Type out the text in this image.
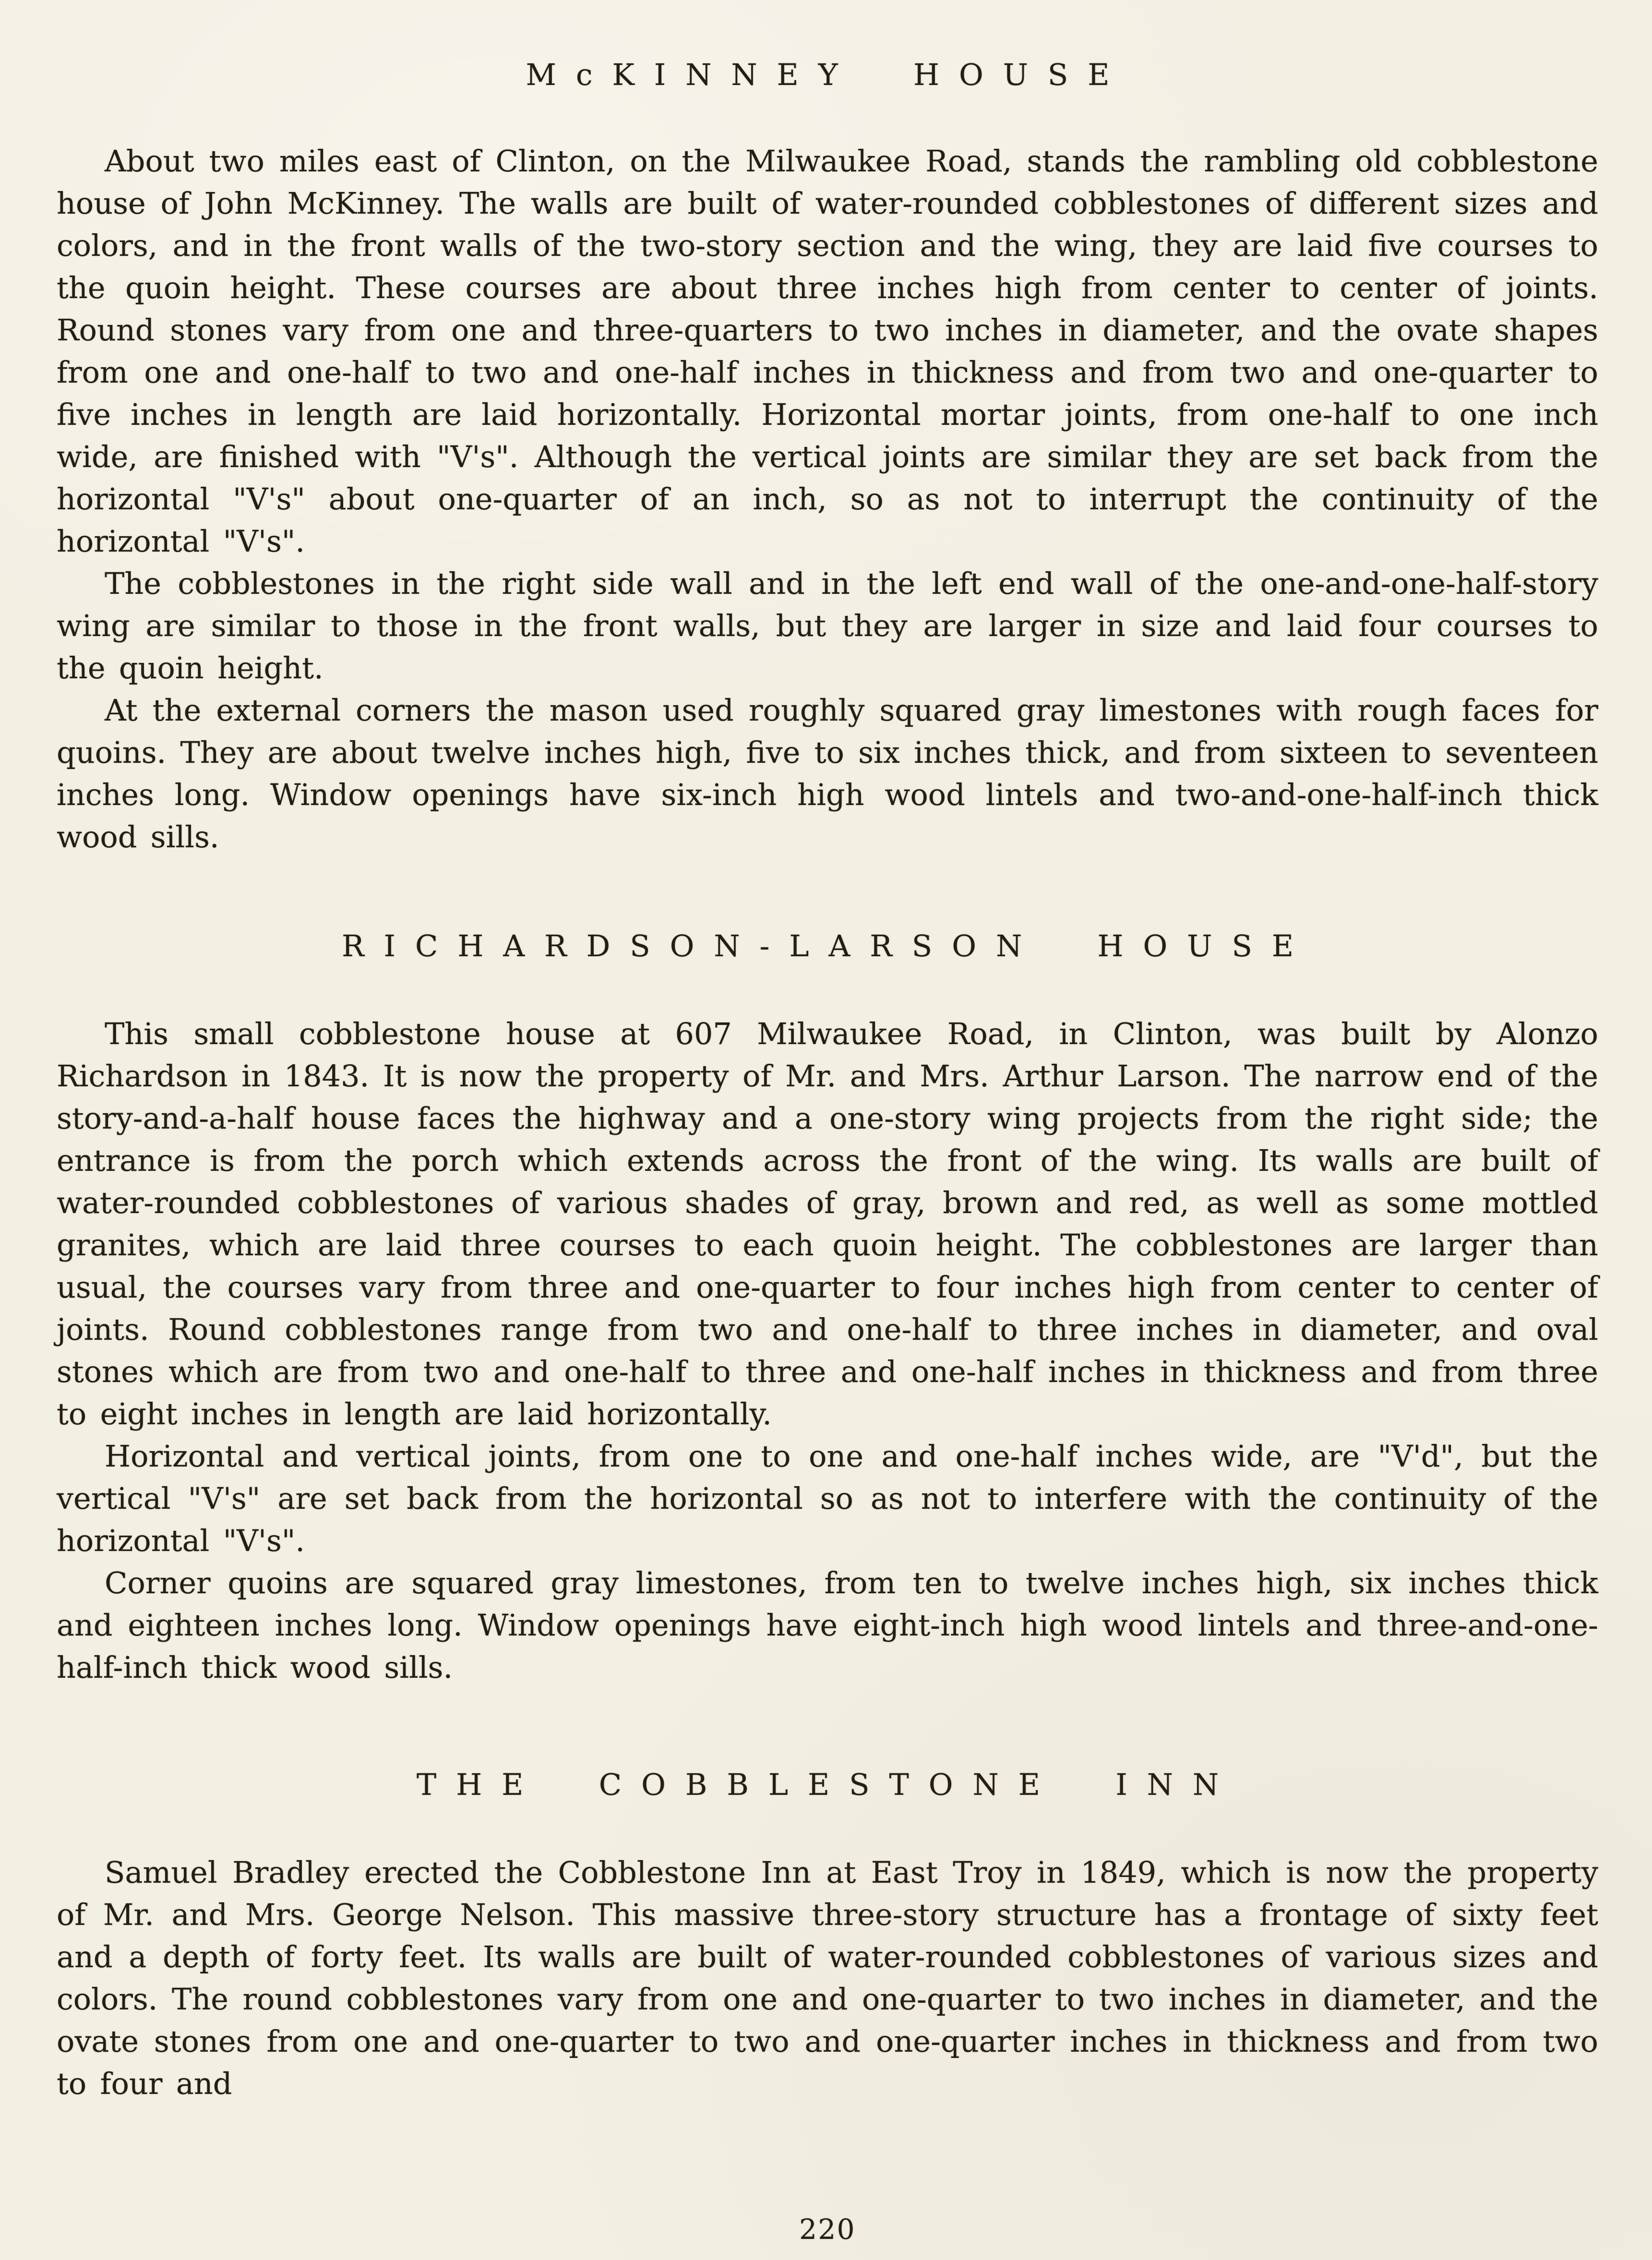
McKINNEY HOUSE

About two miles east of Clinton, on the Milwaukee Road, stands the rambling old cobblestone house of John McKinney. The walls are built of water-rounded cobblestones of different sizes and colors, and in the front walls of the two-story section and the wing, they are laid five courses to the quoin height. These courses are about three inches high from center to center of joints. Round stones vary from one and three-quarters to two inches in diameter, and the ovate shapes from one and one-half to two and one-half inches in thickness and from two and one-quarter to five inches in length are laid horizontally. Horizontal mortar joints, from one-half to one inch wide, are finished with "V's". Although the vertical joints are similar they are set back from the horizontal "V's" about one-quarter of an inch, so as not to interrupt the continuity of the horizontal "V's".

The cobblestones in the right side wall and in the left end wall of the one-and-one-half-story wing are similar to those in the front walls, but they are larger in size and laid four courses to the quoin height.

At the external corners the mason used roughly squared gray limestones with rough faces for quoins. They are about twelve inches high, five to six inches thick, and from sixteen to seventeen inches long. Window openings have six-inch high wood lintels and two-and-one-half-inch thick wood sills.

RICHARDSON-LARSON HOUSE

This small cobblestone house at 607 Milwaukee Road, in Clinton, was built by Alonzo Richardson in 1843. It is now the property of Mr. and Mrs. Arthur Larson. The narrow end of the story-and-a-half house faces the highway and a one-story wing projects from the right side; the entrance is from the porch which extends across the front of the wing. Its walls are built of water-rounded cobblestones of various shades of gray, brown and red, as well as some mottled granites, which are laid three courses to each quoin height. The cobblestones are larger than usual, the courses vary from three and one-quarter to four inches high from center to center of joints. Round cobblestones range from two and one-half to three inches in diameter, and oval stones which are from two and one-half to three and one-half inches in thickness and from three to eight inches in length are laid horizontally.

Horizontal and vertical joints, from one to one and one-half inches wide, are "V'd", but the vertical "V's" are set back from the horizontal so as not to interfere with the continuity of the horizontal "V's".

Corner quoins are squared gray limestones, from ten to twelve inches high, six inches thick and eighteen inches long. Window openings have eight-inch high wood lintels and three-and-one-half-inch thick wood sills.

THE COBBLESTONE INN

Samuel Bradley erected the Cobblestone Inn at East Troy in 1849, which is now the property of Mr. and Mrs. George Nelson. This massive three-story structure has a frontage of sixty feet and a depth of forty feet. Its walls are built of water-rounded cobblestones of various sizes and colors. The round cobblestones vary from one and one-quarter to two inches in diameter, and the ovate stones from one and one-quarter to two and one-quarter inches in thickness and from two to four and

220
